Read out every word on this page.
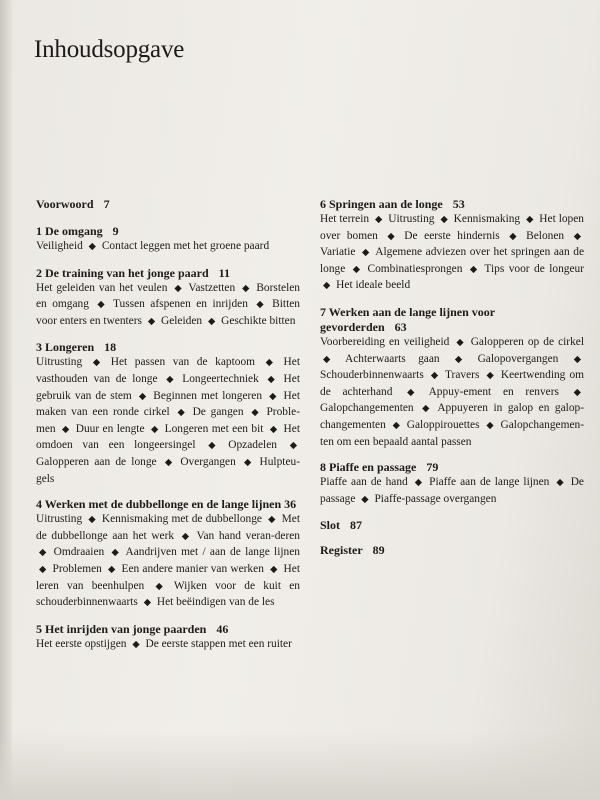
Inhoudsopgave
Voorwoord 7
1 De omgang 9
Veiligheid ◆ Contact leggen met het groene paard
2 De training van het jonge paard 11
Het geleiden van het veulen ◆ Vastzetten ◆ Borstelen en omgang ◆ Tussen afspenen en inrijden ◆ Bitten voor enters en twenters ◆ Geleiden ◆ Geschikte bitten
3 Longeren 18
Uitrusting ◆ Het passen van de kaptoom ◆ Het vasthouden van de longe ◆ Longeertechniek ◆ Het gebruik van de stem ◆ Beginnen met longeren ◆ Het maken van een ronde cirkel ◆ De gangen ◆ Proble-men ◆ Duur en lengte ◆ Longeren met een bit ◆ Het omdoen van een longeersingel ◆ Opzadelen ◆ Galopperen aan de longe ◆ Overgangen ◆ Hulpteu-gels
4 Werken met de dubbellonge en de lange lijnen 36
Uitrusting ◆ Kennismaking met de dubbellonge ◆ Met de dubbellonge aan het werk ◆ Van hand veran-deren ◆ Omdraaien ◆ Aandrijven met / aan de lange lijnen ◆ Problemen ◆ Een andere manier van werken ◆ Het leren van beenhulpen ◆ Wijken voor de kuit en schouderbinnenwaarts ◆ Het beëindigen van de les
5 Het inrijden van jonge paarden 46
Het eerste opstijgen ◆ De eerste stappen met een ruiter
6 Springen aan de longe 53
Het terrein ◆ Uitrusting ◆ Kennismaking ◆ Het lopen over bomen ◆ De eerste hindernis ◆ Belonen ◆ Variatie ◆ Algemene adviezen over het springen aan de longe ◆ Combinatiesprongen ◆ Tips voor de longeur ◆ Het ideale beeld
7 Werken aan de lange lijnen voor gevorderden 63
Voorbereiding en veiligheid ◆ Galopperen op de cirkel ◆ Achterwaarts gaan ◆ Galopovergangen ◆ Schouderbinnenwaarts ◆ Travers ◆ Keertwending om de achterhand ◆ Appuy-ement en renvers ◆ Galopchangementen ◆ Appuyeren in galop en galop-changementen ◆ Galoppirouettes ◆ Galopchangemen-ten om een bepaald aantal passen
8 Piaffe en passage 79
Piaffe aan de hand ◆ Piaffe aan de lange lijnen ◆ De passage ◆ Piaffe-passage overgangen
Slot 87
Register 89
